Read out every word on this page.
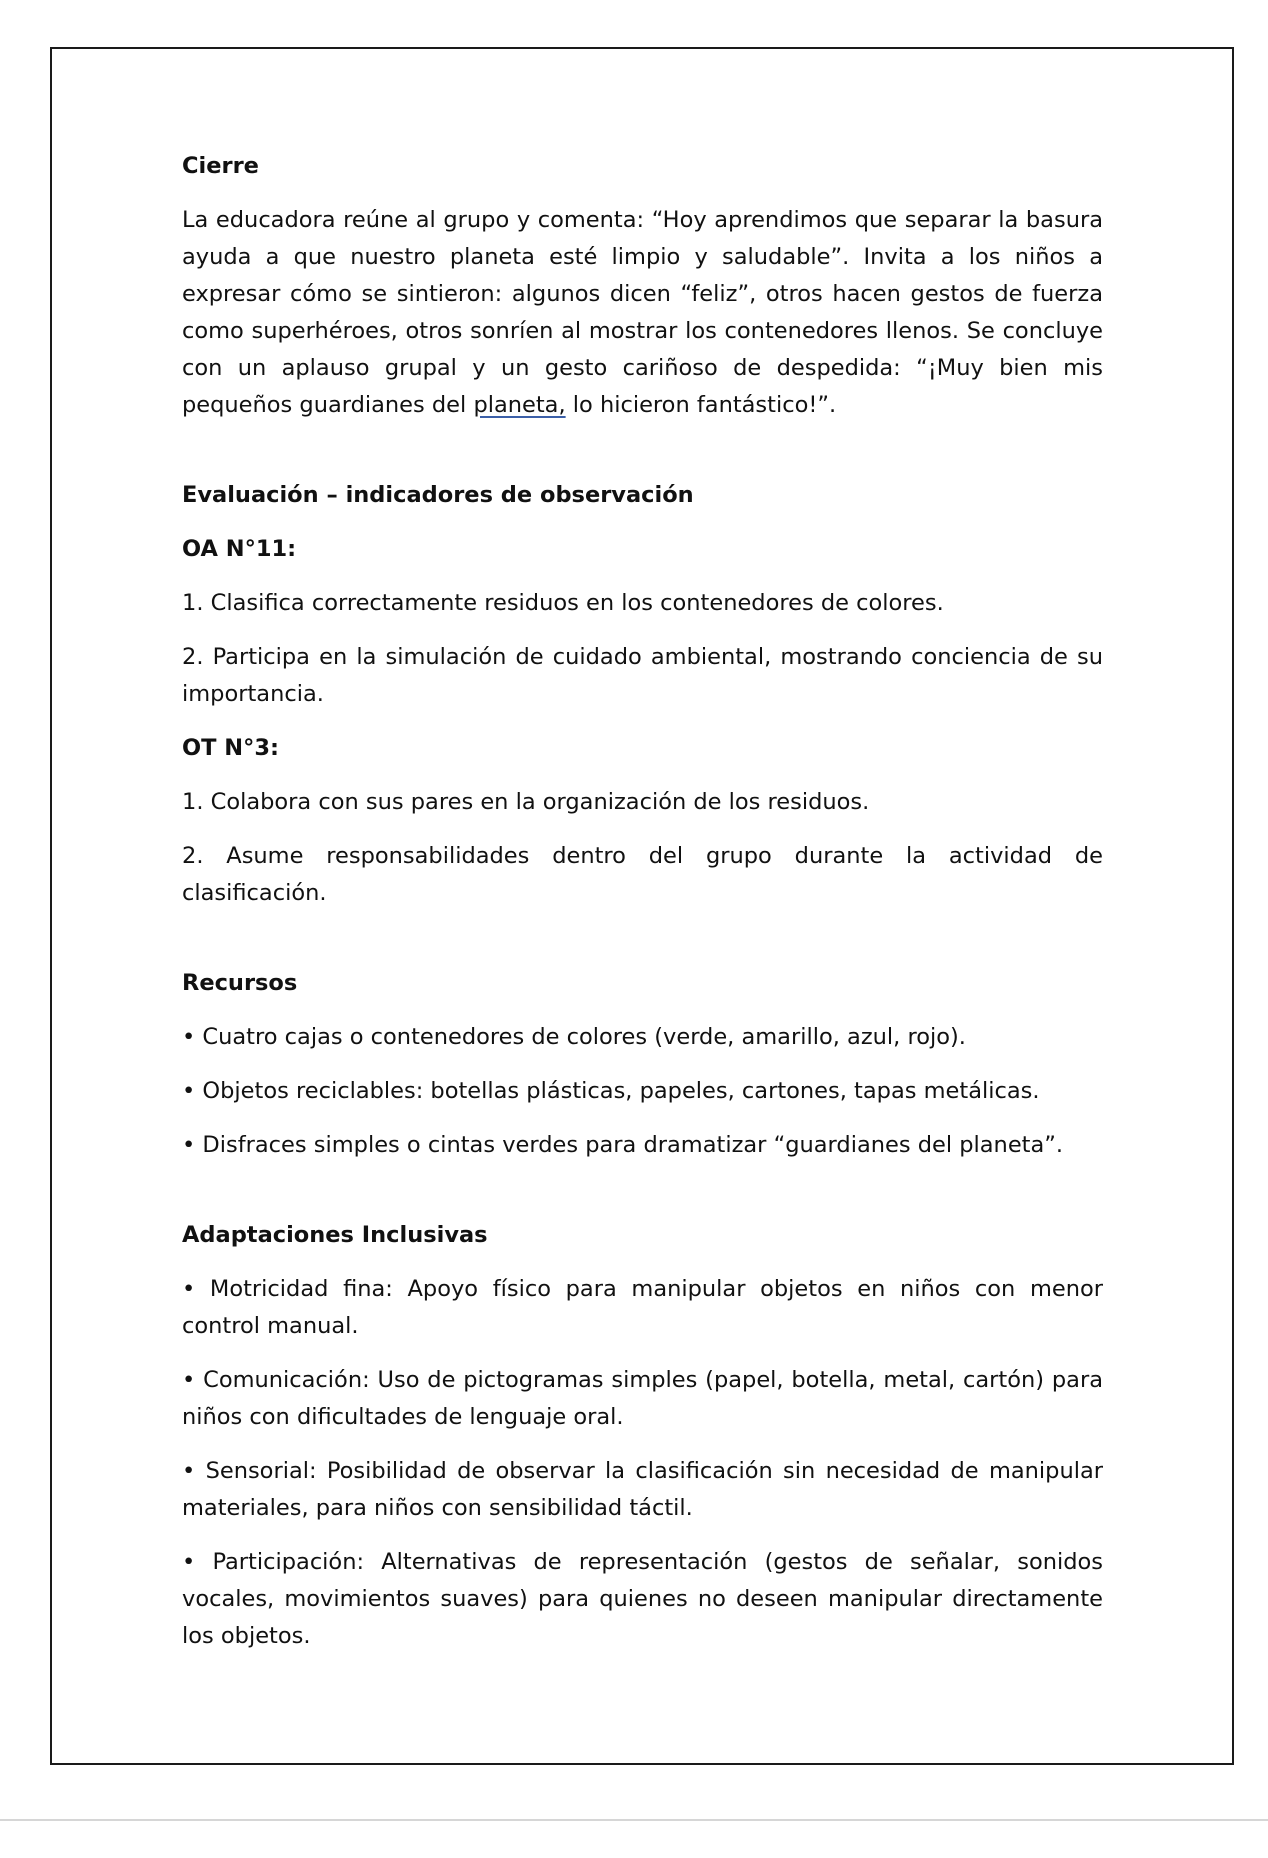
Cierre
La educadora reúne al grupo y comenta: “Hoy aprendimos que separar la basura ayuda a que nuestro planeta esté limpio y saludable”. Invita a los niños a expresar cómo se sintieron: algunos dicen “feliz”, otros hacen gestos de fuerza como superhéroes, otros sonríen al mostrar los contenedores llenos. Se concluye con un aplauso grupal y un gesto cariñoso de despedida: “¡Muy bien mis pequeños guardianes del planeta, lo hicieron fantástico!”.
Evaluación – indicadores de observación
OA N°11:
1. Clasifica correctamente residuos en los contenedores de colores.
2. Participa en la simulación de cuidado ambiental, mostrando conciencia de su importancia.
OT N°3:
1. Colabora con sus pares en la organización de los residuos.
2. Asume responsabilidades dentro del grupo durante la actividad de clasificación.
Recursos
• Cuatro cajas o contenedores de colores (verde, amarillo, azul, rojo).
• Objetos reciclables: botellas plásticas, papeles, cartones, tapas metálicas.
• Disfraces simples o cintas verdes para dramatizar “guardianes del planeta”.
Adaptaciones Inclusivas
• Motricidad fina: Apoyo físico para manipular objetos en niños con menor control manual.
• Comunicación: Uso de pictogramas simples (papel, botella, metal, cartón) para niños con dificultades de lenguaje oral.
• Sensorial: Posibilidad de observar la clasificación sin necesidad de manipular materiales, para niños con sensibilidad táctil.
• Participación: Alternativas de representación (gestos de señalar, sonidos vocales, movimientos suaves) para quienes no deseen manipular directamente los objetos.
